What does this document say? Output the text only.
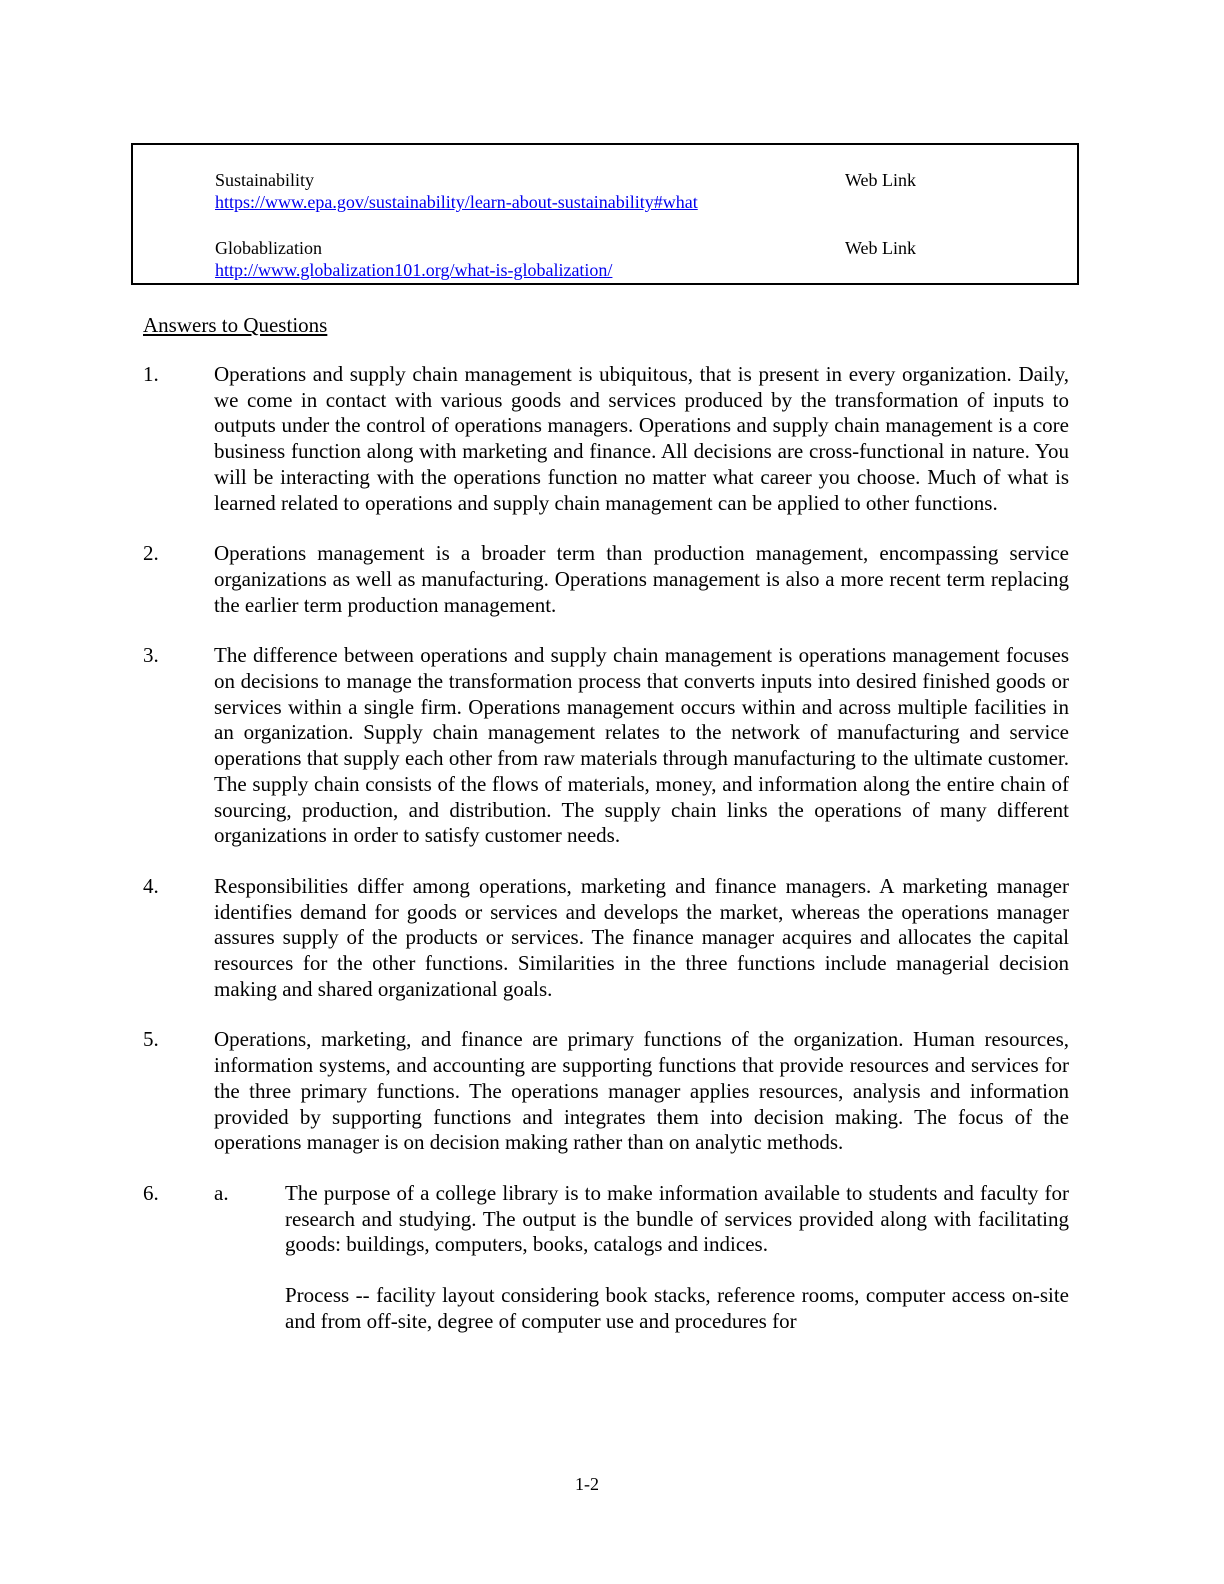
Sustainability	Web Link
https://www.epa.gov/sustainability/learn-about-sustainability#what
Globablization	Web Link
http://www.globalization101.org/what-is-globalization/
Answers to Questions
1.	Operations and supply chain management is ubiquitous, that is present in every organization. Daily, we come in contact with various goods and services produced by the transformation of inputs to outputs under the control of operations managers. Operations and supply chain management is a core business function along with marketing and finance. All decisions are cross-functional in nature. You will be interacting with the operations function no matter what career you choose. Much of what is learned related to operations and supply chain management can be applied to other functions.

2.	Operations management is a broader term than production management, encompassing service organizations as well as manufacturing. Operations management is also a more recent term replacing the earlier term production management.

3.	The difference between operations and supply chain management is operations management focuses on decisions to manage the transformation process that converts inputs into desired finished goods or services within a single firm. Operations management occurs within and across multiple facilities in an organization. Supply chain management relates to the network of manufacturing and service operations that supply each other from raw materials through manufacturing to the ultimate customer. The supply chain consists of the flows of materials, money, and information along the entire chain of sourcing, production, and distribution. The supply chain links the operations of many different organizations in order to satisfy customer needs.

4.	Responsibilities differ among operations, marketing and finance managers. A marketing manager identifies demand for goods or services and develops the market, whereas the operations manager assures supply of the products or services. The finance manager acquires and allocates the capital resources for the other functions. Similarities in the three functions include managerial decision making and shared organizational goals.

5.	Operations, marketing, and finance are primary functions of the organization. Human resources, information systems, and accounting are supporting functions that provide resources and services for the three primary functions. The operations manager applies resources, analysis and information provided by supporting functions and integrates them into decision making. The focus of the operations manager is on decision making rather than on analytic methods.

6.	a.	The purpose of a college library is to make information available to students and faculty for research and studying. The output is the bundle of services provided along with facilitating goods: buildings, computers, books, catalogs and indices.

Process -- facility layout considering book stacks, reference rooms, computer access on-site and from off-site, degree of computer use and procedures for

1-2
